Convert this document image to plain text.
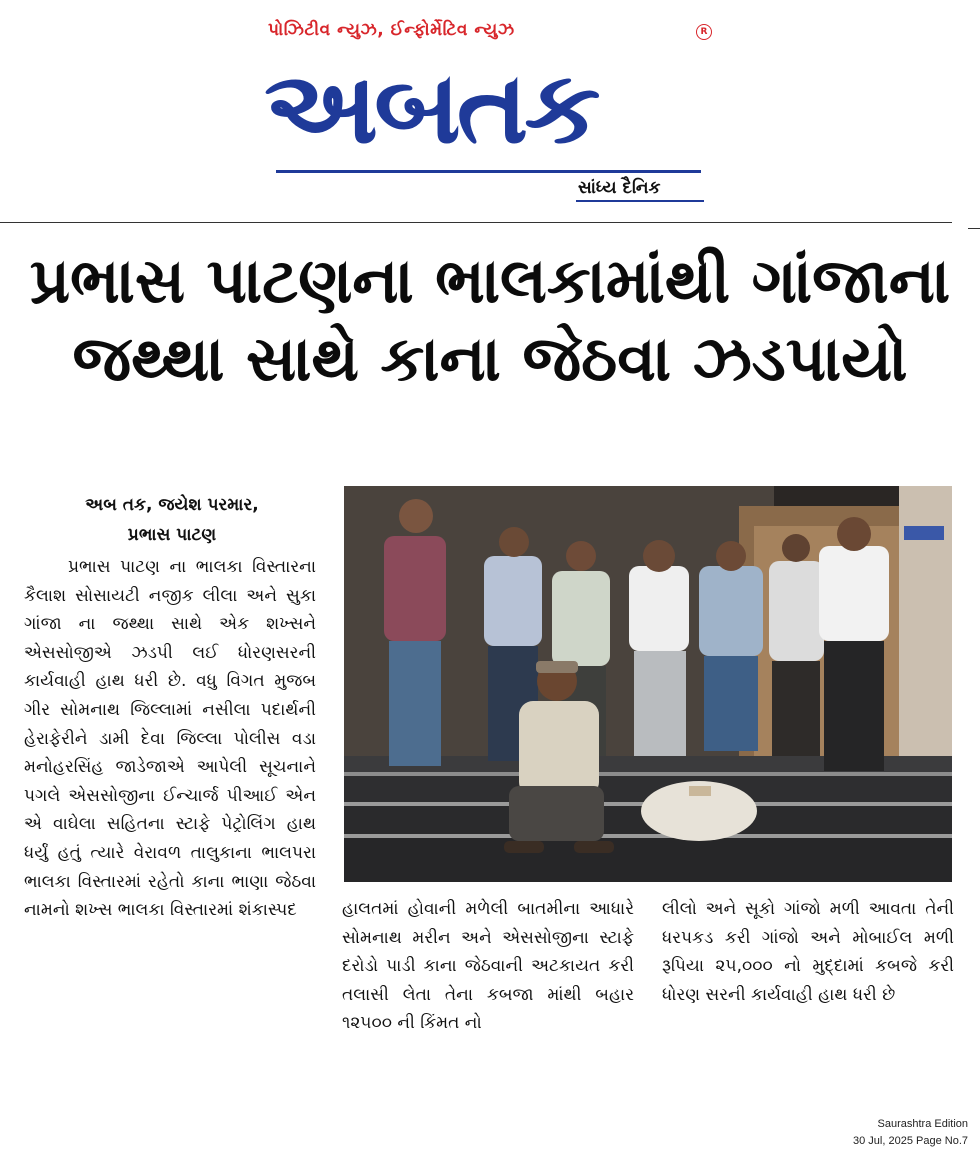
પોઝિટીવ ન્યુઝ, ઈન્ફોર્મેટિવ ન્યુઝ	R
અબતક
સાંધ્ય દૈનિક
પ્રભાસ પાટણના ભાલકામાંથી ગાંજાના
જથ્થા સાથે કાના જેઠવા ઝડપાયો
અબ તક, જયેશ પરમાર,
પ્રભાસ પાટણ
પ્રભાસ પાટણ ના ભાલકા વિસ્તારના કૈલાશ સોસાયટી નજીક લીલા અને સુકા ગાંજા ના જથ્થા સાથે એક શખ્સને એસસોજીએ ઝડપી લઈ ધોરણસરની કાર્યવાહી હાથ ધરી છે. વધુ વિગત મુજબ ગીર સોમનાથ જિલ્લામાં નસીલા પદાર્થની હેરાફેરીને ડામી દેવા જિલ્લા પોલીસ વડા મનોહરસિંહ જાડેજાએ આપેલી સૂચનાને પગલે એસસોજીના ઈન્ચાર્જ પીઆઈ એન એ વાઘેલા સહિતના સ્ટાફે પેટ્રોલિંગ હાથ ધર્યું હતું ત્યારે વેરાવળ તાલુકાના ભાલપરા ભાલકા વિસ્તારમાં રહેતો કાના ભાણા જેઠવા નામનો શખ્સ ભાલકા વિસ્તારમાં શંકાસ્પદ	હાલતમાં હોવાની મળેલી બાતમીના આધારે સોમનાથ મરીન અને એસસોજીના સ્ટાફે દરોડો પાડી કાના જેઠવાની અટકાયત કરી તલાસી લેતા તેના કબજા માંથી બહાર ૧૨૫૦૦ ની કિંમત નો
લીલો અને સૂકો ગાંજો મળી આવતા તેની ધરપકડ કરી ગાંજો અને મોબાઈલ મળી રૂપિયા ૨૫,૦૦૦ નો મુદ્દામાં કબજે કરી ધોરણ સરની કાર્યવાહી હાથ ધરી છે
Saurashtra Edition
30 Jul, 2025 Page No.7
